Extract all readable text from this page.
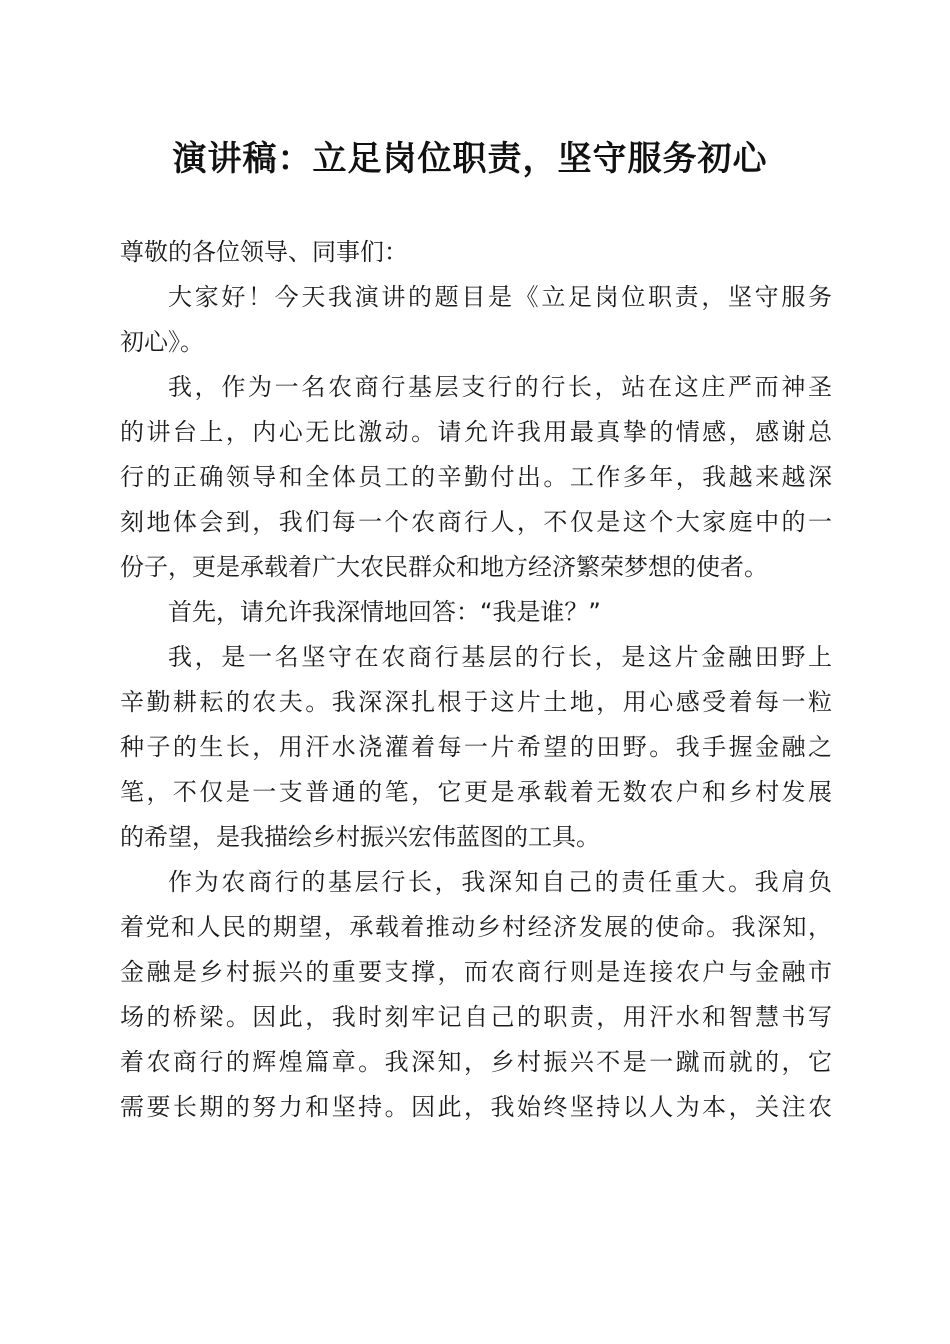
演讲稿：立足岗位职责，坚守服务初心
尊敬的各位领导、同事们：
大家好！今天我演讲的题目是《立足岗位职责，坚守服务
初心》。
我，作为一名农商行基层支行的行长，站在这庄严而神圣
的讲台上，内心无比激动。请允许我用最真挚的情感，感谢总
行的正确领导和全体员工的辛勤付出。工作多年，我越来越深
刻地体会到，我们每一个农商行人，不仅是这个大家庭中的一
份子，更是承载着广大农民群众和地方经济繁荣梦想的使者。
首先，请允许我深情地回答：“我是谁？”
我，是一名坚守在农商行基层的行长，是这片金融田野上
辛勤耕耘的农夫。我深深扎根于这片土地，用心感受着每一粒
种子的生长，用汗水浇灌着每一片希望的田野。我手握金融之
笔，不仅是一支普通的笔，它更是承载着无数农户和乡村发展
的希望，是我描绘乡村振兴宏伟蓝图的工具。
作为农商行的基层行长，我深知自己的责任重大。我肩负
着党和人民的期望，承载着推动乡村经济发展的使命。我深知，
金融是乡村振兴的重要支撑，而农商行则是连接农户与金融市
场的桥梁。因此，我时刻牢记自己的职责，用汗水和智慧书写
着农商行的辉煌篇章。我深知，乡村振兴不是一蹴而就的，它
需要长期的努力和坚持。因此，我始终坚持以人为本，关注农
